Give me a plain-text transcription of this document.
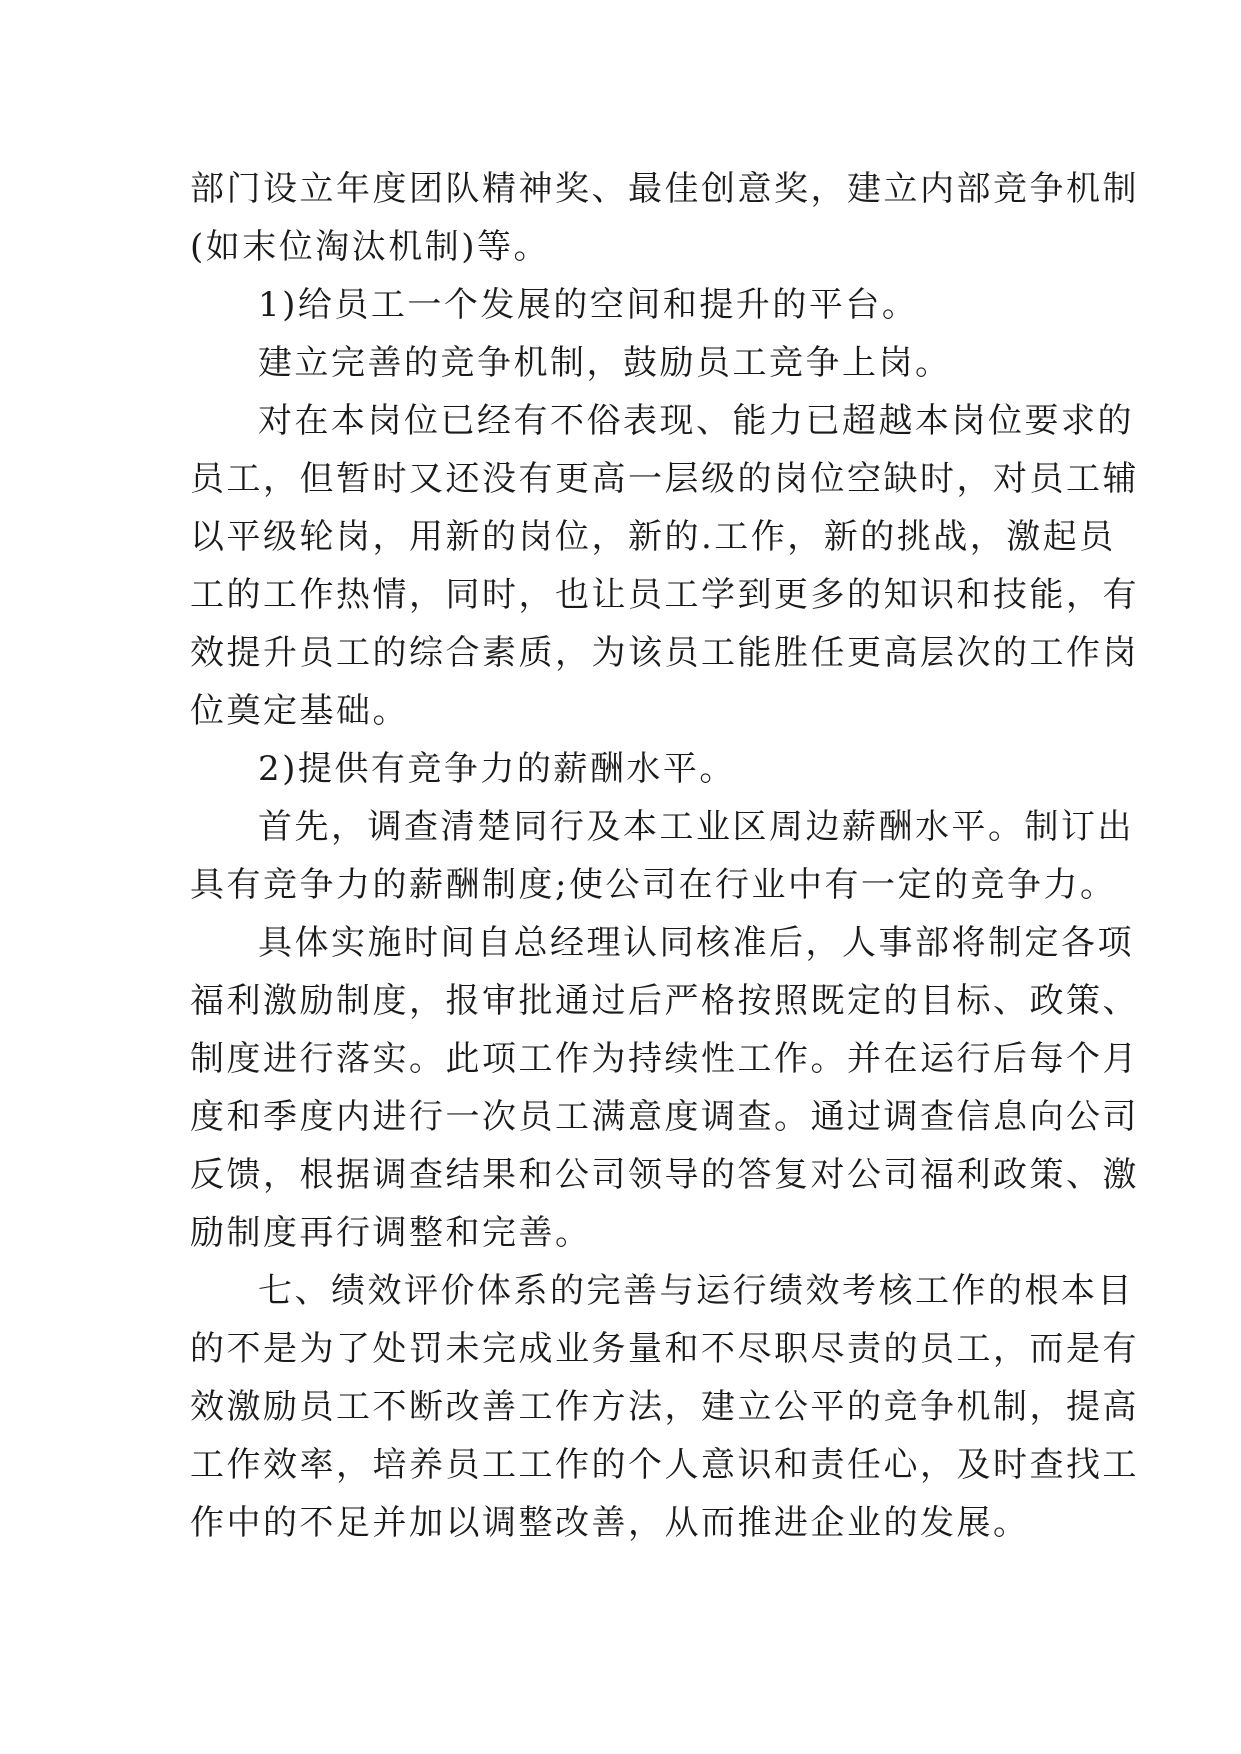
部门设立年度团队精神奖、最佳创意奖，建立内部竞争机制
(如末位淘汰机制)等。
1)给员工一个发展的空间和提升的平台。
建立完善的竞争机制，鼓励员工竞争上岗。
对在本岗位已经有不俗表现、能力已超越本岗位要求的
员工，但暂时又还没有更高一层级的岗位空缺时，对员工辅
以平级轮岗，用新的岗位，新的.工作，新的挑战，激起员
工的工作热情，同时，也让员工学到更多的知识和技能，有
效提升员工的综合素质，为该员工能胜任更高层次的工作岗
位奠定基础。
2)提供有竞争力的薪酬水平。
首先，调查清楚同行及本工业区周边薪酬水平。制订出
具有竞争力的薪酬制度;使公司在行业中有一定的竞争力。
具体实施时间自总经理认同核准后，人事部将制定各项
福利激励制度，报审批通过后严格按照既定的目标、政策、
制度进行落实。此项工作为持续性工作。并在运行后每个月
度和季度内进行一次员工满意度调查。通过调查信息向公司
反馈，根据调查结果和公司领导的答复对公司福利政策、激
励制度再行调整和完善。
七、绩效评价体系的完善与运行绩效考核工作的根本目
的不是为了处罚未完成业务量和不尽职尽责的员工，而是有
效激励员工不断改善工作方法，建立公平的竞争机制，提高
工作效率，培养员工工作的个人意识和责任心，及时查找工
作中的不足并加以调整改善，从而推进企业的发展。
